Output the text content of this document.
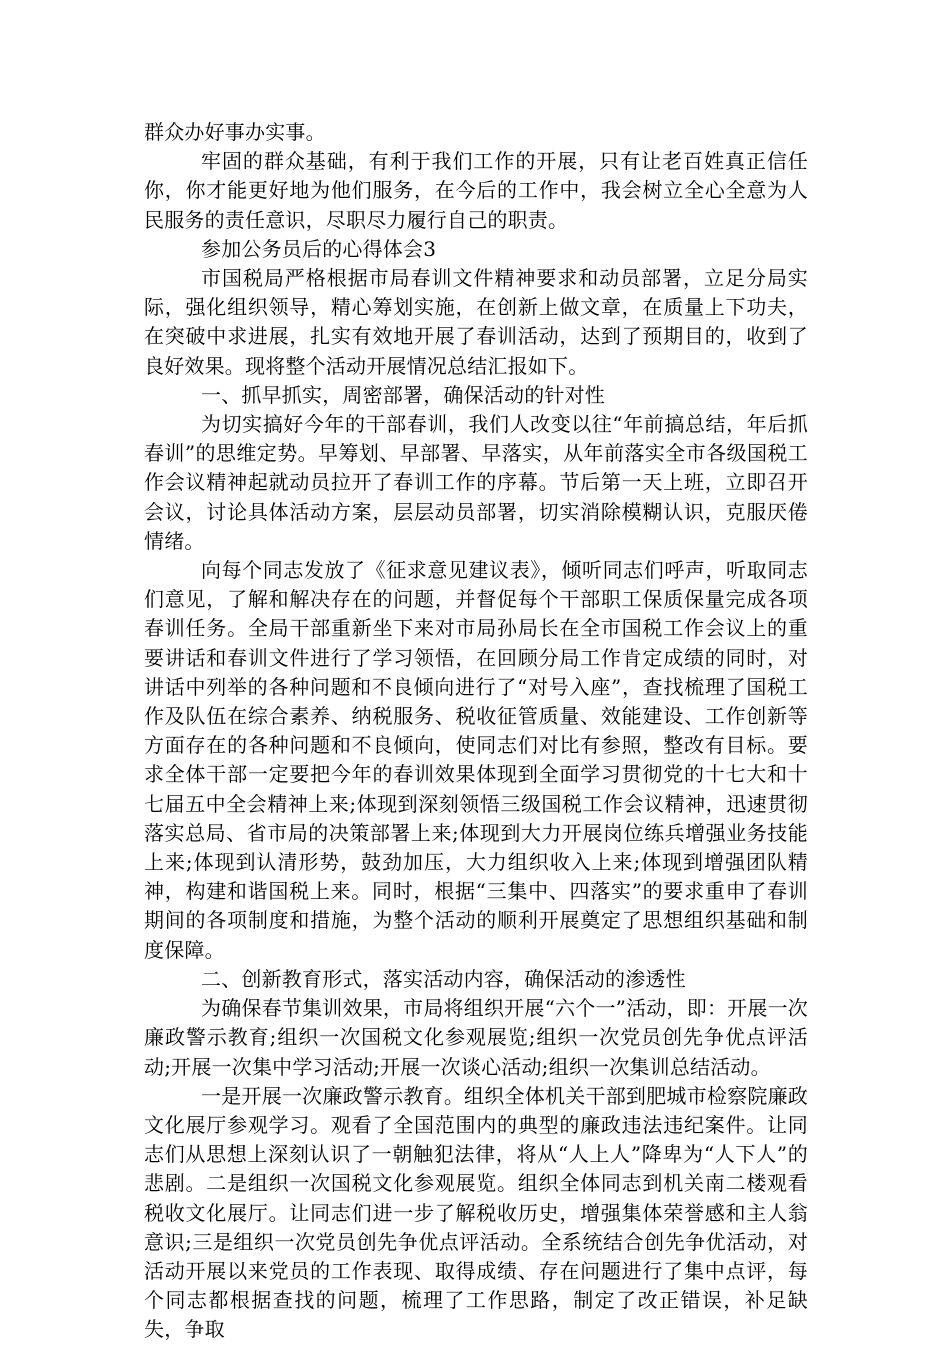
群众办好事办实事。

牢固的群众基础，有利于我们工作的开展，只有让老百姓真正信任你，你才能更好地为他们服务，在今后的工作中，我会树立全心全意为人民服务的责任意识，尽职尽力履行自己的职责。

参加公务员后的心得体会3

市国税局严格根据市局春训文件精神要求和动员部署，立足分局实际，强化组织领导，精心筹划实施，在创新上做文章，在质量上下功夫，在突破中求进展，扎实有效地开展了春训活动，达到了预期目的，收到了良好效果。现将整个活动开展情况总结汇报如下。

一、抓早抓实，周密部署，确保活动的针对性

为切实搞好今年的干部春训，我们人改变以往“年前搞总结，年后抓春训”的思维定势。早筹划、早部署、早落实，从年前落实全市各级国税工作会议精神起就动员拉开了春训工作的序幕。节后第一天上班，立即召开会议，讨论具体活动方案，层层动员部署，切实消除模糊认识，克服厌倦情绪。

向每个同志发放了《征求意见建议表》，倾听同志们呼声，听取同志们意见，了解和解决存在的问题，并督促每个干部职工保质保量完成各项春训任务。全局干部重新坐下来对市局孙局长在全市国税工作会议上的重要讲话和春训文件进行了学习领悟，在回顾分局工作肯定成绩的同时，对讲话中列举的各种问题和不良倾向进行了“对号入座”，查找梳理了国税工作及队伍在综合素养、纳税服务、税收征管质量、效能建设、工作创新等方面存在的各种问题和不良倾向，使同志们对比有参照，整改有目标。要求全体干部一定要把今年的春训效果体现到全面学习贯彻党的十七大和十七届五中全会精神上来;体现到深刻领悟三级国税工作会议精神，迅速贯彻落实总局、省市局的决策部署上来;体现到大力开展岗位练兵增强业务技能上来;体现到认清形势，鼓劲加压，大力组织收入上来;体现到增强团队精神，构建和谐国税上来。同时，根据“三集中、四落实”的要求重申了春训期间的各项制度和措施，为整个活动的顺利开展奠定了思想组织基础和制度保障。

二、创新教育形式，落实活动内容，确保活动的渗透性

为确保春节集训效果，市局将组织开展“六个一”活动，即：开展一次廉政警示教育;组织一次国税文化参观展览;组织一次党员创先争优点评活动;开展一次集中学习活动;开展一次谈心活动;组织一次集训总结活动。

一是开展一次廉政警示教育。组织全体机关干部到肥城市检察院廉政文化展厅参观学习。观看了全国范围内的典型的廉政违法违纪案件。让同志们从思想上深刻认识了一朝触犯法律，将从“人上人”降卑为“人下人”的悲剧。二是组织一次国税文化参观展览。组织全体同志到机关南二楼观看税收文化展厅。让同志们进一步了解税收历史，增强集体荣誉感和主人翁意识;三是组织一次党员创先争优点评活动。全系统结合创先争优活动，对活动开展以来党员的工作表现、取得成绩、存在问题进行了集中点评，每个同志都根据查找的问题，梳理了工作思路，制定了改正错误，补足缺失，争取
